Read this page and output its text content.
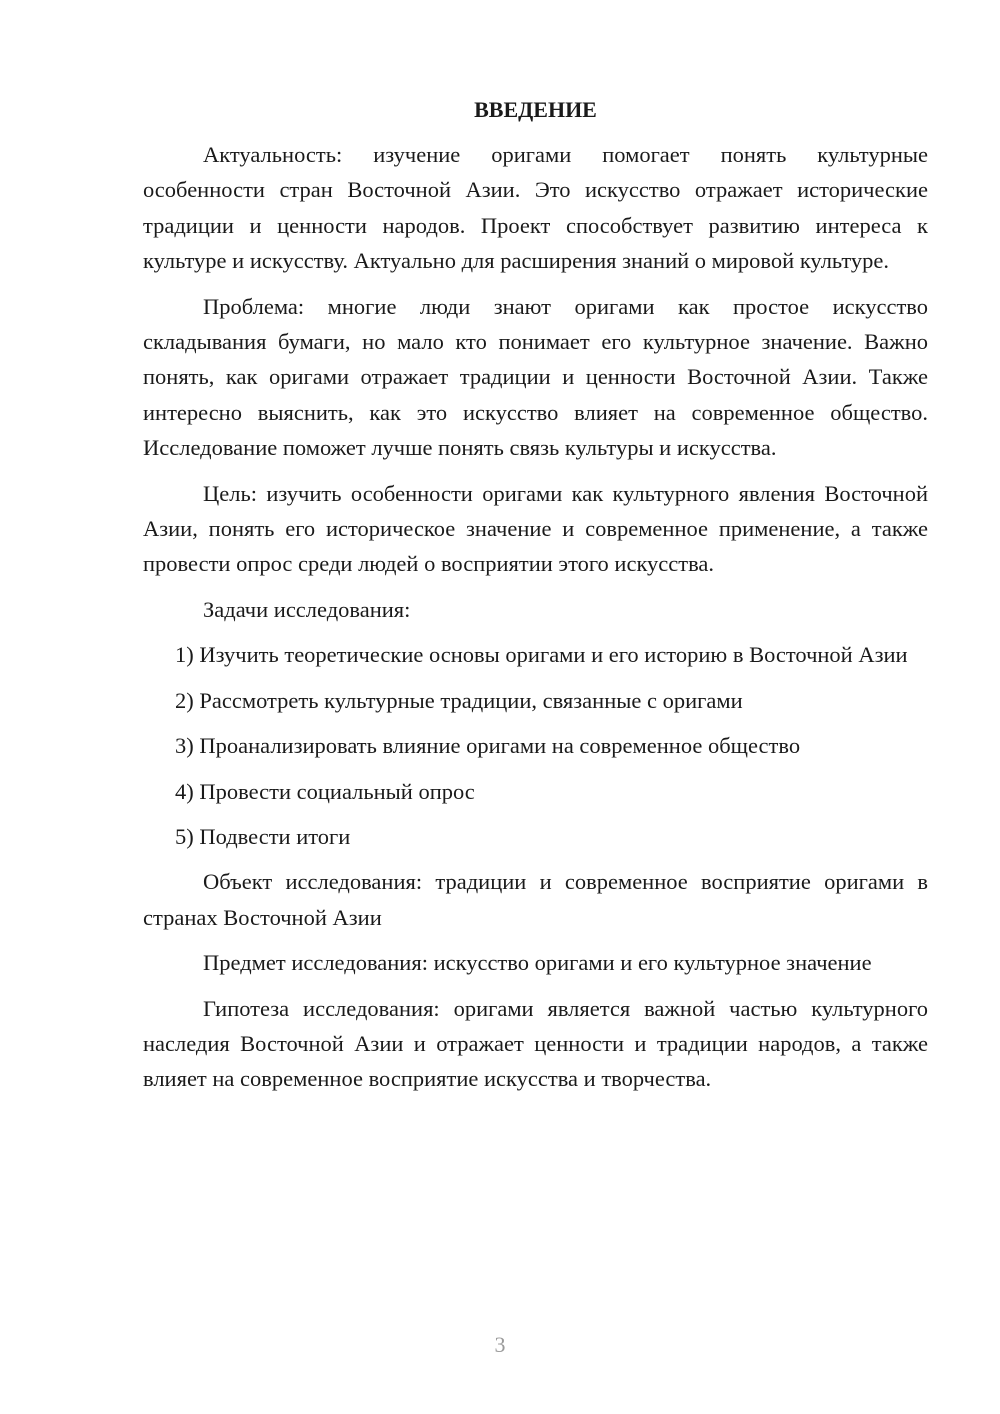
ВВЕДЕНИЕ

Актуальность: изучение оригами помогает понять культурные особенности стран Восточной Азии. Это искусство отражает исторические традиции и ценности народов. Проект способствует развитию интереса к культуре и искусству. Актуально для расширения знаний о мировой культуре.

Проблема: многие люди знают оригами как простое искусство складывания бумаги, но мало кто понимает его культурное значение. Важно понять, как оригами отражает традиции и ценности Восточной Азии. Также интересно выяснить, как это искусство влияет на современное общество. Исследование поможет лучше понять связь культуры и искусства.

Цель: изучить особенности оригами как культурного явления Восточной Азии, понять его историческое значение и современное применение, а также провести опрос среди людей о восприятии этого искусства.

Задачи исследования:

1) Изучить теоретические основы оригами и его историю в Восточной Азии

2) Рассмотреть культурные традиции, связанные с оригами

3) Проанализировать влияние оригами на современное общество

4) Провести социальный опрос

5) Подвести итоги

Объект исследования: традиции и современное восприятие оригами в странах Восточной Азии

Предмет исследования: искусство оригами и его культурное значение

Гипотеза исследования: оригами является важной частью культурного наследия Восточной Азии и отражает ценности и традиции народов, а также влияет на современное восприятие искусства и творчества.

3
